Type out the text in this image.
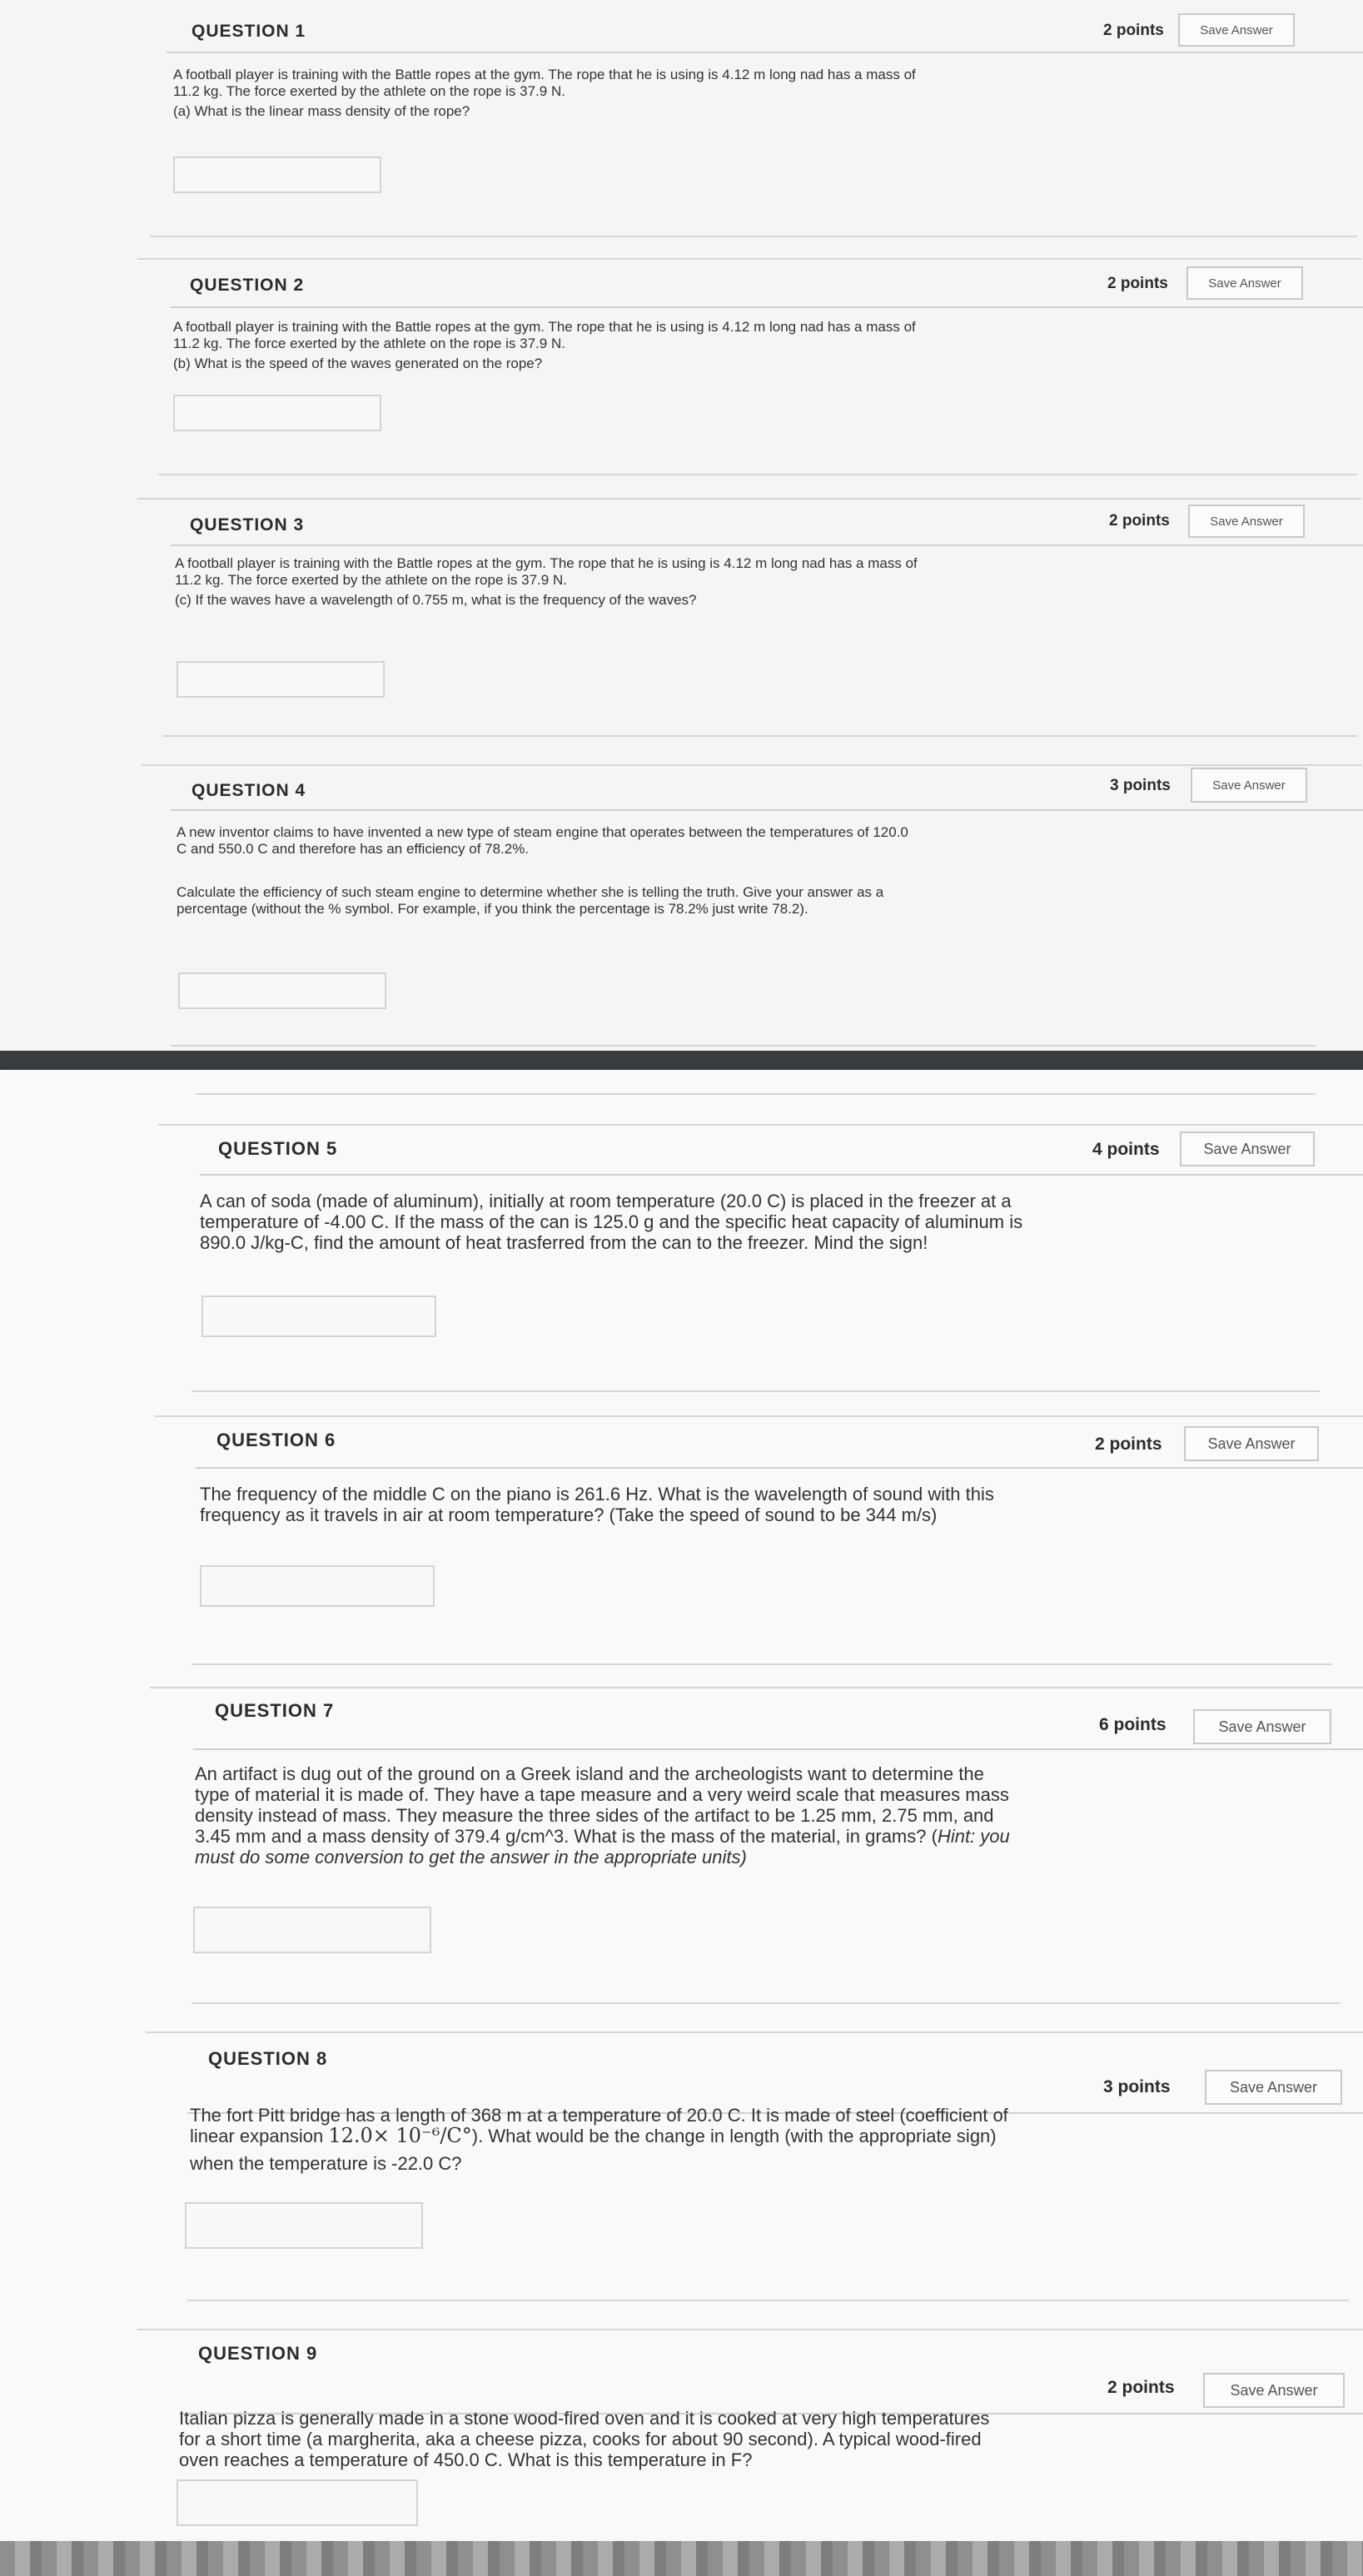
QUESTION 1	2 points	Save Answer
A football player is training with the Battle ropes at the gym. The rope that he is using is 4.12 m long nad has a mass of
11.2 kg. The force exerted by the athlete on the rope is 37.9 N.
(a) What is the linear mass density of the rope?
QUESTION 2	2 points	Save Answer
A football player is training with the Battle ropes at the gym. The rope that he is using is 4.12 m long nad has a mass of
11.2 kg. The force exerted by the athlete on the rope is 37.9 N.
(b) What is the speed of the waves generated on the rope?
QUESTION 3	2 points	Save Answer
A football player is training with the Battle ropes at the gym. The rope that he is using is 4.12 m long nad has a mass of
11.2 kg. The force exerted by the athlete on the rope is 37.9 N.
(c) If the waves have a wavelength of 0.755 m, what is the frequency of the waves?
QUESTION 4	3 points	Save Answer
A new inventor claims to have invented a new type of steam engine that operates between the temperatures of 120.0
C and 550.0 C and therefore has an efficiency of 78.2%.
Calculate the efficiency of such steam engine to determine whether she is telling the truth. Give your answer as a
percentage (without the % symbol. For example, if you think the percentage is 78.2% just write 78.2).
QUESTION 5	4 points	Save Answer
A can of soda (made of aluminum), initially at room temperature (20.0 C) is placed in the freezer at a
temperature of -4.00 C. If the mass of the can is 125.0 g and the specific heat capacity of aluminum is
890.0 J/kg-C, find the amount of heat trasferred from the can to the freezer. Mind the sign!
QUESTION 6	2 points	Save Answer
The frequency of the middle C on the piano is 261.6 Hz. What is the wavelength of sound with this
frequency as it travels in air at room temperature? (Take the speed of sound to be 344 m/s)
QUESTION 7
6 points	Save Answer
An artifact is dug out of the ground on a Greek island and the archeologists want to determine the
type of material it is made of. They have a tape measure and a very weird scale that measures mass
density instead of mass. They measure the three sides of the artifact to be 1.25 mm, 2.75 mm, and
3.45 mm and a mass density of 379.4 g/cm^3. What is the mass of the material, in grams? (Hint: you
must do some conversion to get the answer in the appropriate units)
QUESTION 8
3 points	Save Answer
The fort Pitt bridge has a length of 368 m at a temperature of 20.0 C. It is made of steel (coefficient of
linear expansion 12.0× 10⁻⁶/C°). What would be the change in length (with the appropriate sign)
when the temperature is -22.0 C?
QUESTION 9
2 points	Save Answer
Italian pizza is generally made in a stone wood-fired oven and it is cooked at very high temperatures
for a short time (a margherita, aka a cheese pizza, cooks for about 90 second). A typical wood-fired
oven reaches a temperature of 450.0 C. What is this temperature in F?
